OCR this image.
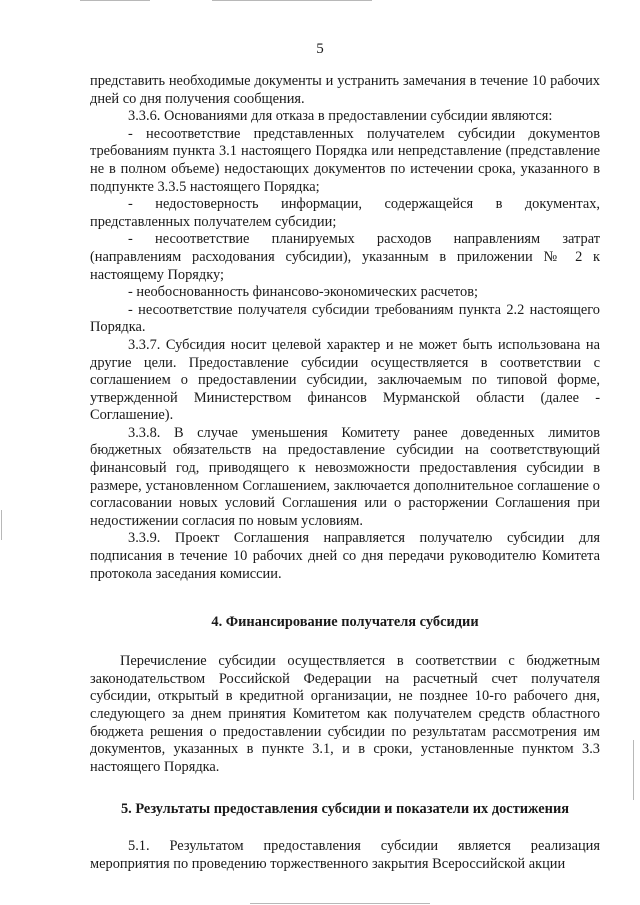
5

представить необходимые документы и устранить замечания в течение 10 рабочих дней со дня получения сообщения.

3.3.6. Основаниями для отказа в предоставлении субсидии являются:

- несоответствие представленных получателем субсидии документов требованиям пункта 3.1 настоящего Порядка или непредставление (представление не в полном объеме) недостающих документов по истечении срока, указанного в подпункте 3.3.5 настоящего Порядка;

- недостоверность информации, содержащейся в документах, представленных получателем субсидии;

- несоответствие планируемых расходов направлениям затрат (направлениям расходования субсидии), указанным в приложении № 2 к настоящему Порядку;

- необоснованность финансово-экономических расчетов;

- несоответствие получателя субсидии требованиям пункта 2.2 настоящего Порядка.

3.3.7. Субсидия носит целевой характер и не может быть использована на другие цели. Предоставление субсидии осуществляется в соответствии с соглашением о предоставлении субсидии, заключаемым по типовой форме, утвержденной Министерством финансов Мурманской области (далее - Соглашение).

3.3.8. В случае уменьшения Комитету ранее доведенных лимитов бюджетных обязательств на предоставление субсидии на соответствующий финансовый год, приводящего к невозможности предоставления субсидии в размере, установленном Соглашением, заключается дополнительное соглашение о согласовании новых условий Соглашения или о расторжении Соглашения при недостижении согласия по новым условиям.

3.3.9. Проект Соглашения направляется получателю субсидии для подписания в течение 10 рабочих дней со дня передачи руководителю Комитета протокола заседания комиссии.

4. Финансирование получателя субсидии

Перечисление субсидии осуществляется в соответствии с бюджетным законодательством Российской Федерации на расчетный счет получателя субсидии, открытый в кредитной организации, не позднее 10-го рабочего дня, следующего за днем принятия Комитетом как получателем средств областного бюджета решения о предоставлении субсидии по результатам рассмотрения им документов, указанных в пункте 3.1, и в сроки, установленные пунктом 3.3 настоящего Порядка.

5. Результаты предоставления субсидии и показатели их достижения

5.1. Результатом предоставления субсидии является реализация мероприятия по проведению торжественного закрытия Всероссийской акции
